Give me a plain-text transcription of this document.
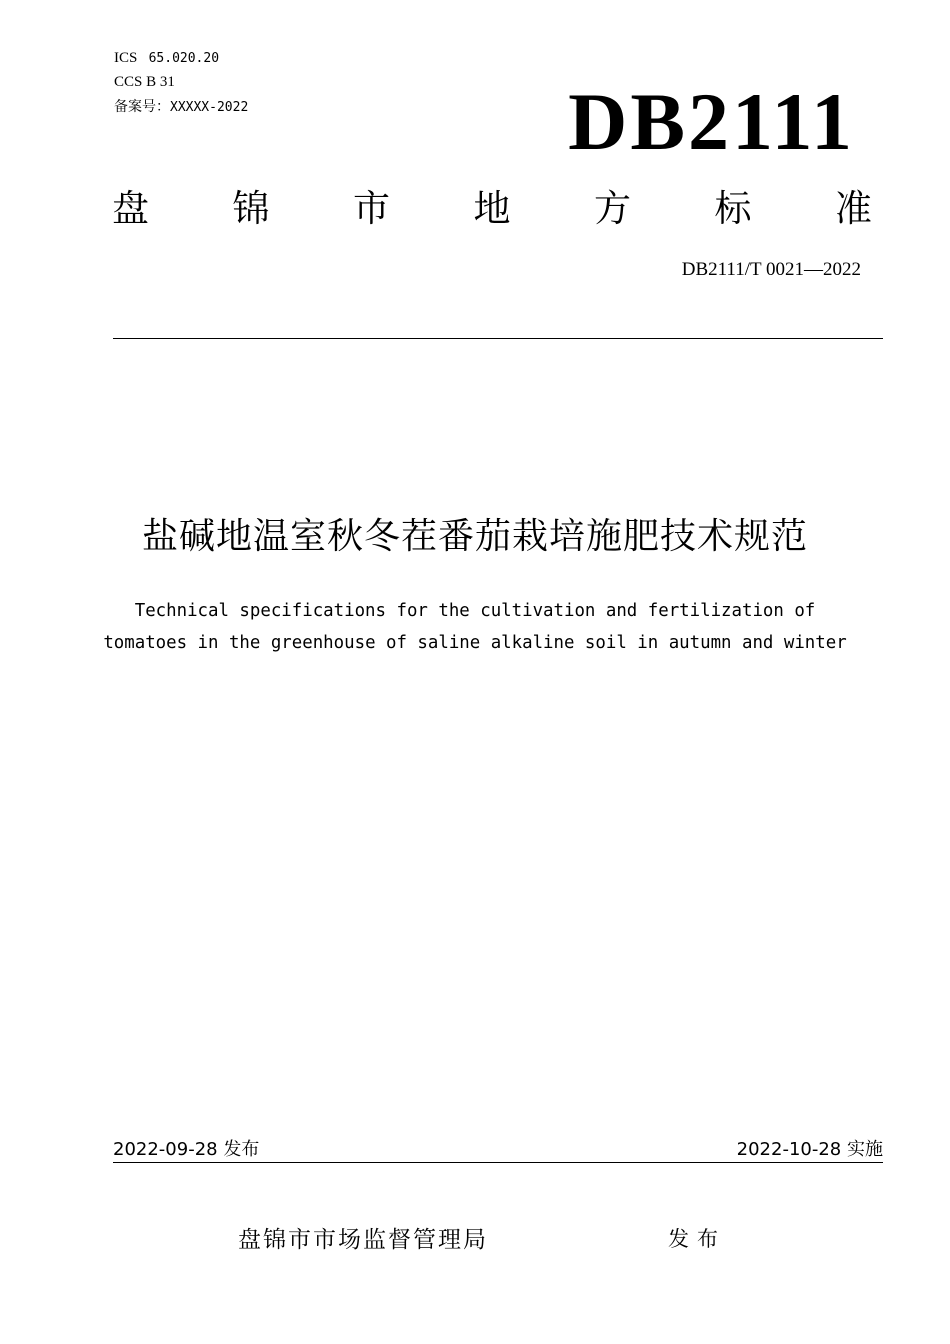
ICS 65.020.20
CCS B 31
备案号：XXXXX-2022	DB2111
盘 锦 市 地 方 标 准
DB2111/T 0021—2022
盐碱地温室秋冬茬番茄栽培施肥技术规范
Technical specifications for the cultivation and fertilization of
tomatoes in the greenhouse of saline alkaline soil in autumn and winter
2022-09-28 发布	2022-10-28 实施
盘锦市市场监督管理局	发布
